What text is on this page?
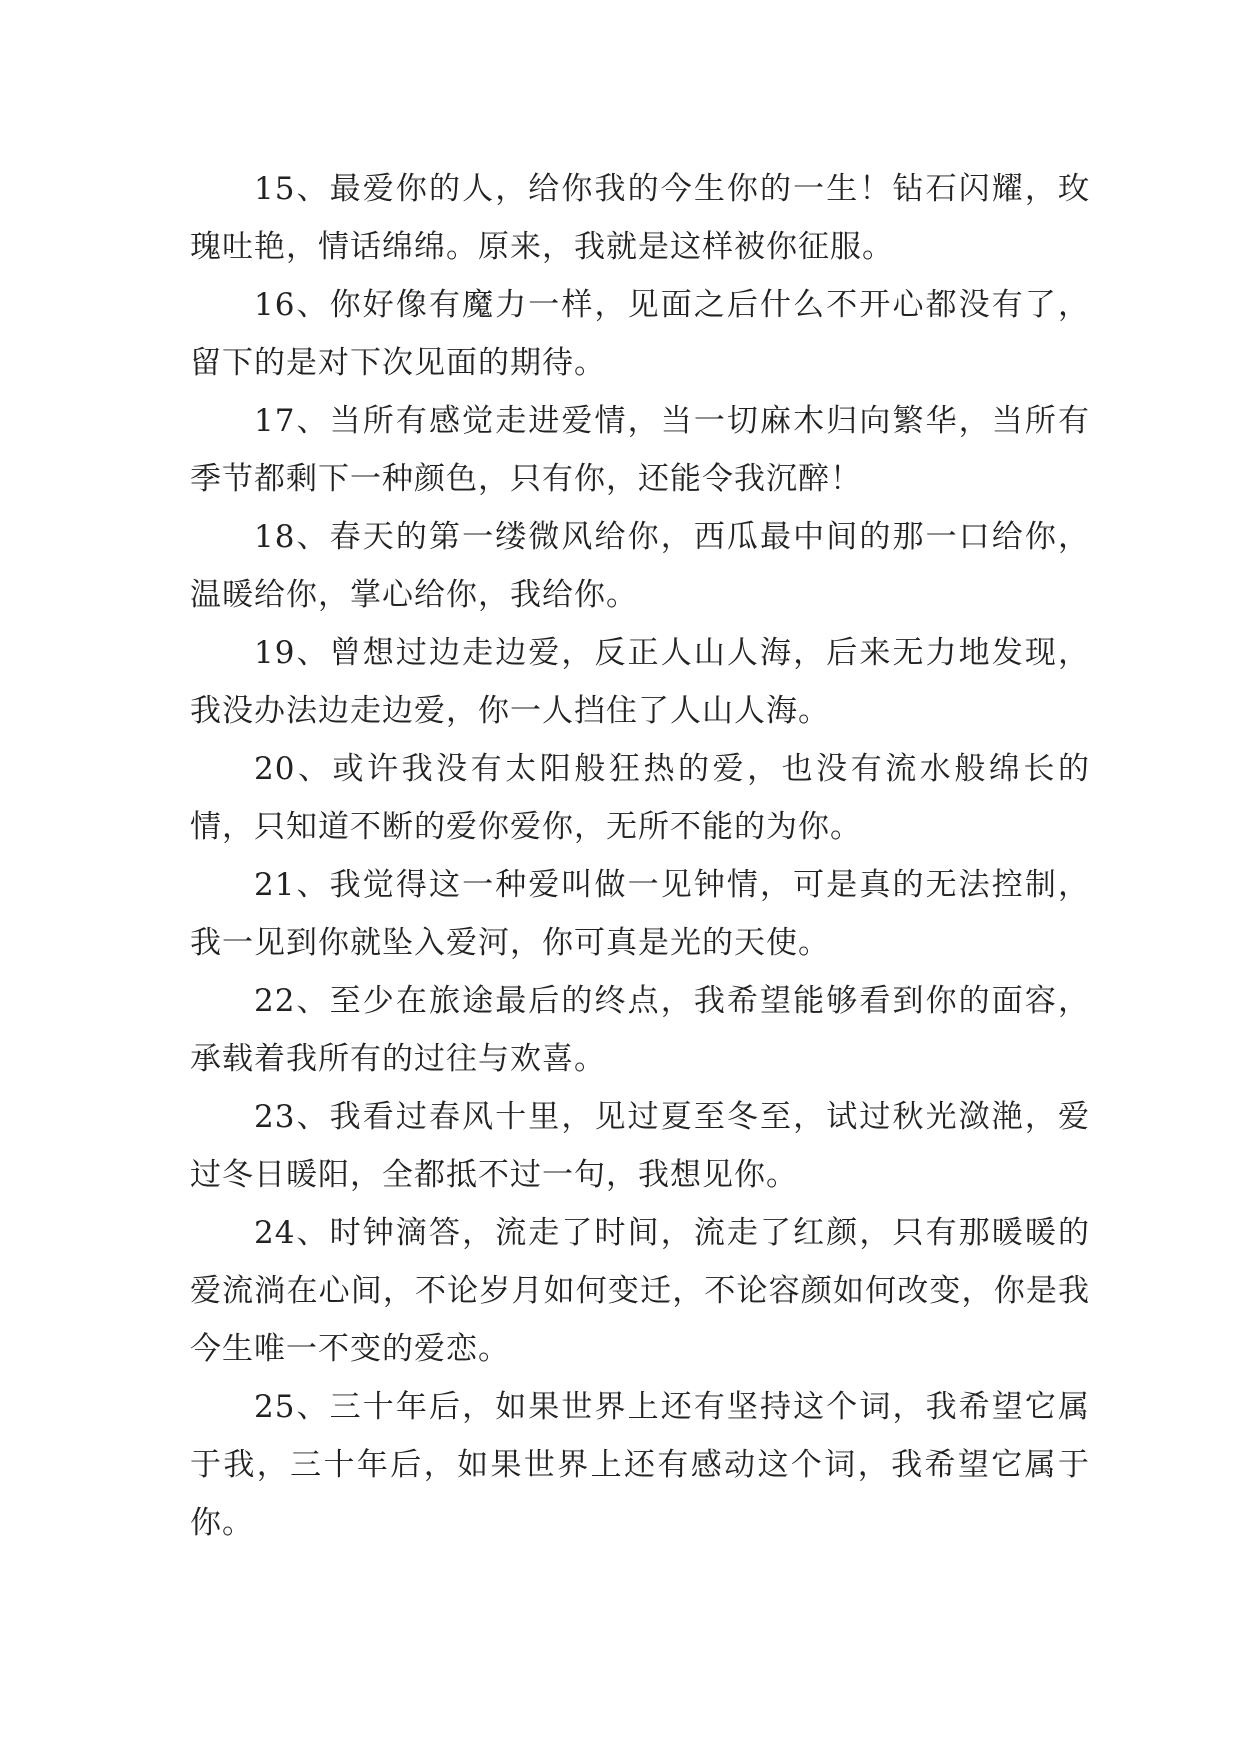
15、最爱你的人，给你我的今生你的一生！钻石闪耀，玫瑰吐艳，情话绵绵。原来，我就是这样被你征服。

16、你好像有魔力一样，见面之后什么不开心都没有了，留下的是对下次见面的期待。

17、当所有感觉走进爱情，当一切麻木归向繁华，当所有季节都剩下一种颜色，只有你，还能令我沉醉！

18、春天的第一缕微风给你，西瓜最中间的那一口给你，温暖给你，掌心给你，我给你。

19、曾想过边走边爱，反正人山人海，后来无力地发现，我没办法边走边爱，你一人挡住了人山人海。

20、或许我没有太阳般狂热的爱，也没有流水般绵长的情，只知道不断的爱你爱你，无所不能的为你。

21、我觉得这一种爱叫做一见钟情，可是真的无法控制，我一见到你就坠入爱河，你可真是光的天使。

22、至少在旅途最后的终点，我希望能够看到你的面容，承载着我所有的过往与欢喜。

23、我看过春风十里，见过夏至冬至，试过秋光潋滟，爱过冬日暖阳，全都抵不过一句，我想见你。

24、时钟滴答，流走了时间，流走了红颜，只有那暖暖的爱流淌在心间，不论岁月如何变迁，不论容颜如何改变，你是我今生唯一不变的爱恋。

25、三十年后，如果世界上还有坚持这个词，我希望它属于我，三十年后，如果世界上还有感动这个词，我希望它属于你。
